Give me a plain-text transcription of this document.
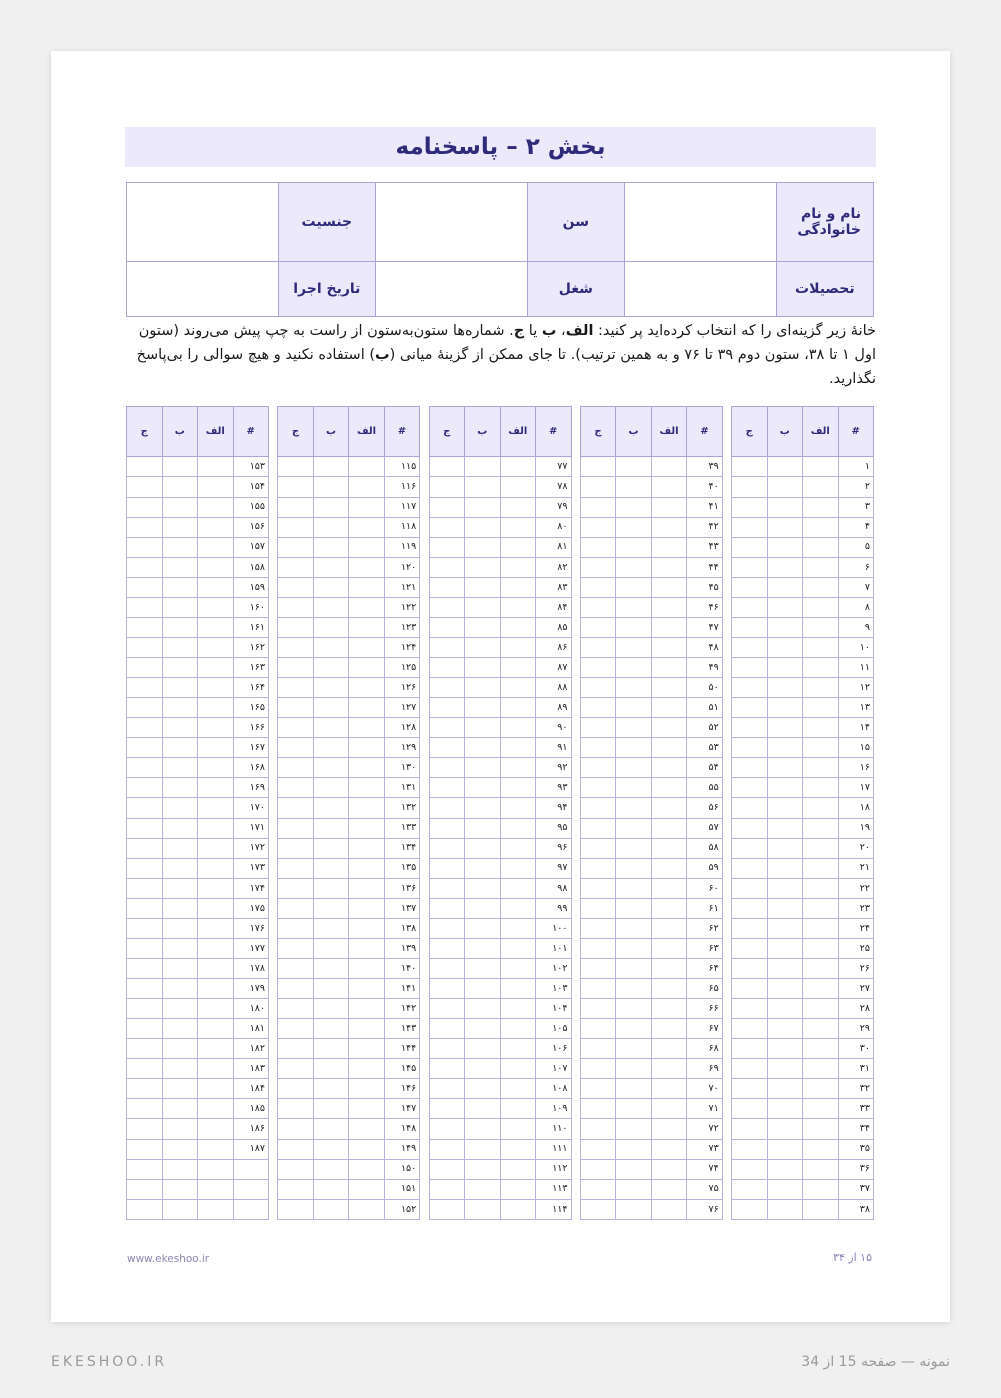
بخش ۲ – پاسخنامه
نام و نام خانوادگی		سن		جنسیت	
تحصیلات		شغل		تاریخ اجرا	
خانهٔ زیر گزینه‌ای را که انتخاب کرده‌اید پر کنید: الف، ب یا ج. شماره‌ها ستون‌به‌ستون از راست به چپ پیش می‌روند (ستون اول ۱ تا ۳۸، ستون دوم ۳۹ تا ۷۶ و به همین ترتیب). تا جای ممکن از گزینهٔ میانی (ب) استفاده نکنید و هیچ سوالی را بی‌پاسخ نگذارید.
#	الف	ب	ج
۱			
۲			
۳			
۴			
۵			
۶			
۷			
۸			
۹			
۱۰			
۱۱			
۱۲			
۱۳			
۱۴			
۱۵			
۱۶			
۱۷			
۱۸			
۱۹			
۲۰			
۲۱			
۲۲			
۲۳			
۲۴			
۲۵			
۲۶			
۲۷			
۲۸			
۲۹			
۳۰			
۳۱			
۳۲			
۳۳			
۳۴			
۳۵			
۳۶			
۳۷			
۳۸			
#	الف	ب	ج
۳۹			
۴۰			
۴۱			
۴۲			
۴۳			
۴۴			
۴۵			
۴۶			
۴۷			
۴۸			
۴۹			
۵۰			
۵۱			
۵۲			
۵۳			
۵۴			
۵۵			
۵۶			
۵۷			
۵۸			
۵۹			
۶۰			
۶۱			
۶۲			
۶۳			
۶۴			
۶۵			
۶۶			
۶۷			
۶۸			
۶۹			
۷۰			
۷۱			
۷۲			
۷۳			
۷۴			
۷۵			
۷۶			
#	الف	ب	ج
۷۷			
۷۸			
۷۹			
۸۰			
۸۱			
۸۲			
۸۳			
۸۴			
۸۵			
۸۶			
۸۷			
۸۸			
۸۹			
۹۰			
۹۱			
۹۲			
۹۳			
۹۴			
۹۵			
۹۶			
۹۷			
۹۸			
۹۹			
۱۰۰			
۱۰۱			
۱۰۲			
۱۰۳			
۱۰۴			
۱۰۵			
۱۰۶			
۱۰۷			
۱۰۸			
۱۰۹			
۱۱۰			
۱۱۱			
۱۱۲			
۱۱۳			
۱۱۴			
#	الف	ب	ج
۱۱۵			
۱۱۶			
۱۱۷			
۱۱۸			
۱۱۹			
۱۲۰			
۱۲۱			
۱۲۲			
۱۲۳			
۱۲۴			
۱۲۵			
۱۲۶			
۱۲۷			
۱۲۸			
۱۲۹			
۱۳۰			
۱۳۱			
۱۳۲			
۱۳۳			
۱۳۴			
۱۳۵			
۱۳۶			
۱۳۷			
۱۳۸			
۱۳۹			
۱۴۰			
۱۴۱			
۱۴۲			
۱۴۳			
۱۴۴			
۱۴۵			
۱۴۶			
۱۴۷			
۱۴۸			
۱۴۹			
۱۵۰			
۱۵۱			
۱۵۲			
#	الف	ب	ج
۱۵۳			
۱۵۴			
۱۵۵			
۱۵۶			
۱۵۷			
۱۵۸			
۱۵۹			
۱۶۰			
۱۶۱			
۱۶۲			
۱۶۳			
۱۶۴			
۱۶۵			
۱۶۶			
۱۶۷			
۱۶۸			
۱۶۹			
۱۷۰			
۱۷۱			
۱۷۲			
۱۷۳			
۱۷۴			
۱۷۵			
۱۷۶			
۱۷۷			
۱۷۸			
۱۷۹			
۱۸۰			
۱۸۱			
۱۸۲			
۱۸۳			
۱۸۴			
۱۸۵			
۱۸۶			
۱۸۷			

www.ekeshoo.ir	۱۵ از ۳۴
EKESHOO.IR	نمونه — صفحه 15 از 34
